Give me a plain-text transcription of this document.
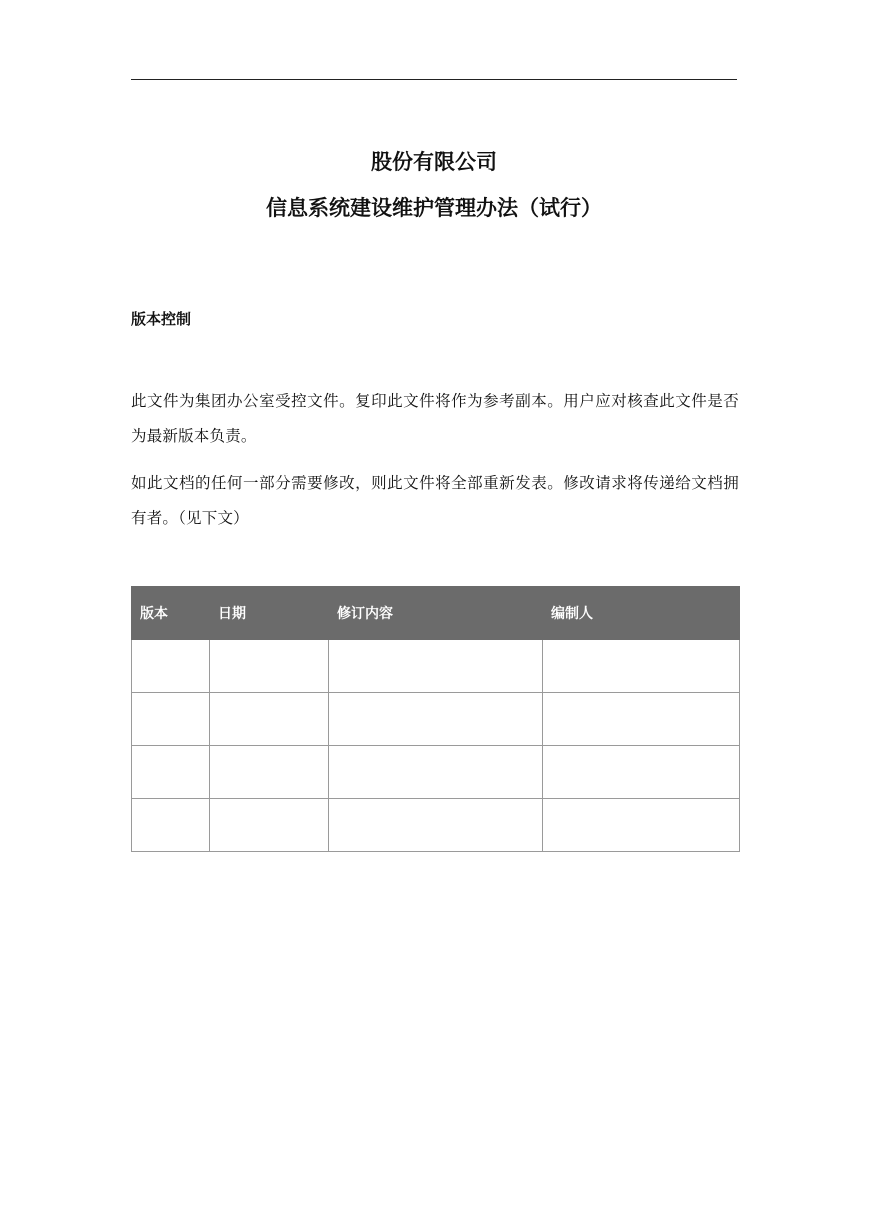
股份有限公司
信息系统建设维护管理办法（试行）
版本控制
此文件为集团办公室受控文件。复印此文件将作为参考副本。用户应对核查此文件是否为最新版本负责。
如此文档的任何一部分需要修改，则此文件将全部重新发表。修改请求将传递给文档拥有者。（见下文）
版本	日期	修订内容	编制人
